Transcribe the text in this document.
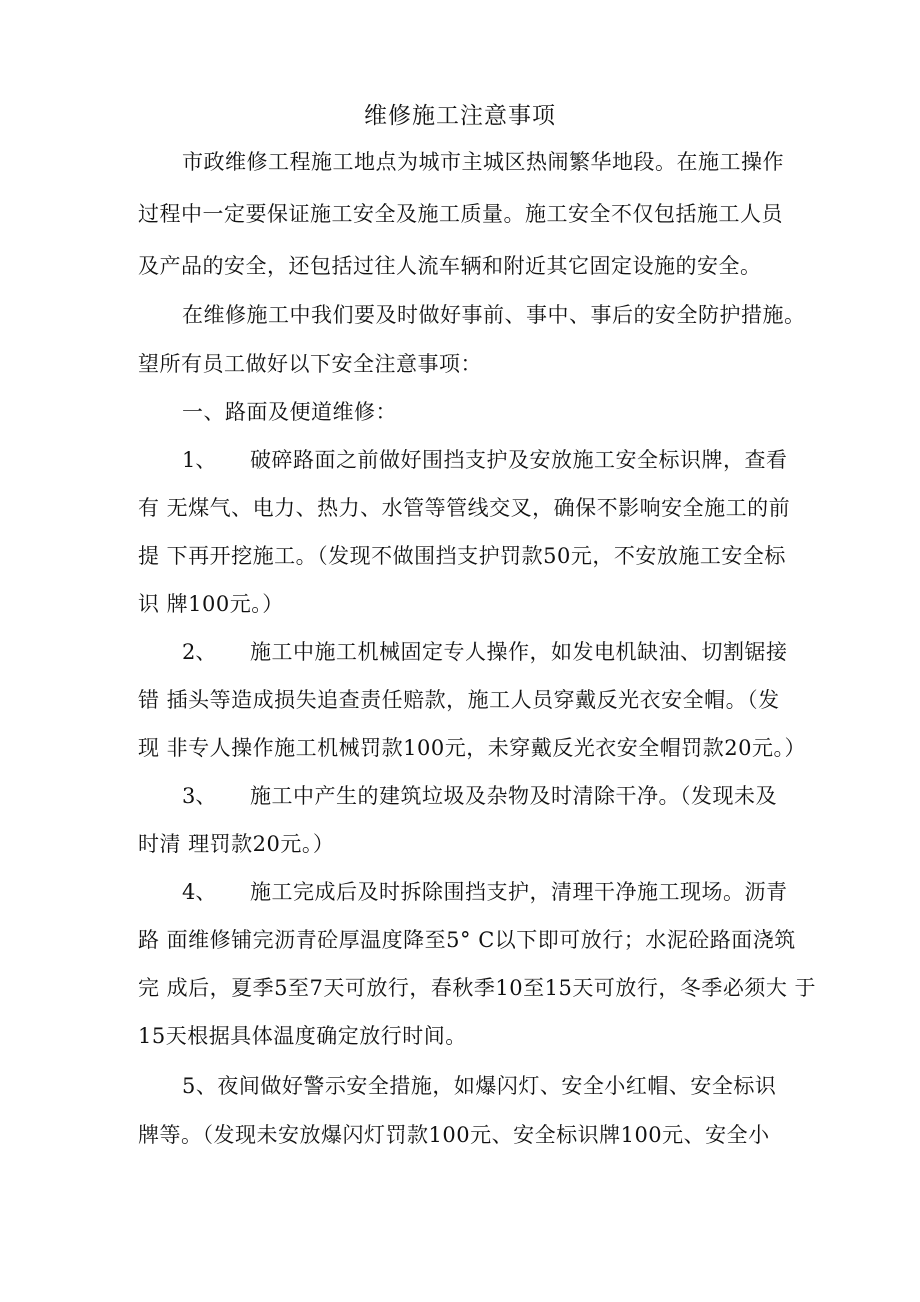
维修施工注意事项
市政维修工程施工地点为城市主城区热闹繁华地段。在施工操作
过程中一定要保证施工安全及施工质量。施工安全不仅包括施工人员
及产品的安全，还包括过往人流车辆和附近其它固定设施的安全。
在维修施工中我们要及时做好事前、事中、事后的安全防护措施。
望所有员工做好以下安全注意事项：
一、路面及便道维修：
1、 破碎路面之前做好围挡支护及安放施工安全标识牌，查看
有 无煤气、电力、热力、水管等管线交叉，确保不影响安全施工的前
提 下再开挖施工。（发现不做围挡支护罚款50元，不安放施工安全标
识 牌100元。）
2、 施工中施工机械固定专人操作，如发电机缺油、切割锯接
错 插头等造成损失追查责任赔款，施工人员穿戴反光衣安全帽。（发
现 非专人操作施工机械罚款100元，未穿戴反光衣安全帽罚款20元。）
3、 施工中产生的建筑垃圾及杂物及时清除干净。（发现未及
时清 理罚款20元。）
4、 施工完成后及时拆除围挡支护，清理干净施工现场。沥青
路 面维修铺完沥青砼厚温度降至5° C以下即可放行；水泥砼路面浇筑
完 成后，夏季5至7天可放行，春秋季10至15天可放行，冬季必须大 于
15天根据具体温度确定放行时间。
5、夜间做好警示安全措施，如爆闪灯、安全小红帽、安全标识
牌等。（发现未安放爆闪灯罚款100元、安全标识牌100元、安全小
